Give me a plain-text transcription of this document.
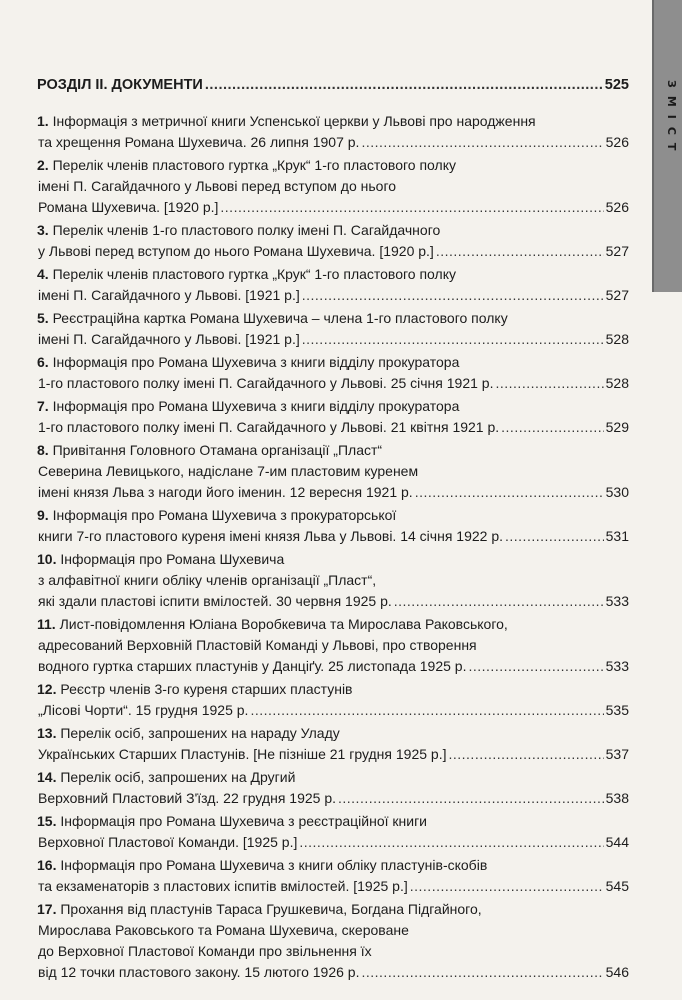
ЗМІСТ
РОЗДІЛ ІІ. ДОКУМЕНТИ .....	525
1. Інформація з метричної книги Успенської церкви у Львові про народження
та хрещення Романа Шухевича. 26 липня 1907 р. .....	526
2. Перелік членів пластового гуртка „Крук“ 1-го пластового полку
імені П. Сагайдачного у Львові перед вступом до нього
Романа Шухевича. [1920 р.] .....	526
3. Перелік членів 1-го пластового полку імені П. Сагайдачного
у Львові перед вступом до нього Романа Шухевича. [1920 р.] .....	527
4. Перелік членів пластового гуртка „Крук“ 1-го пластового полку
імені П. Сагайдачного у Львові. [1921 р.] .....	527
5. Реєстраційна картка Романа Шухевича – члена 1-го пластового полку
імені П. Сагайдачного у Львові. [1921 р.] .....	528
6. Інформація про Романа Шухевича з книги відділу прокуратора
1-го пластового полку імені П. Сагайдачного у Львові. 25 січня 1921 р. .....	528
7. Інформація про Романа Шухевича з книги відділу прокуратора
1-го пластового полку імені П. Сагайдачного у Львові. 21 квітня 1921 р. .....	529
8. Привітання Головного Отамана організації „Пласт“
Северина Левицького, надіслане 7-им пластовим куренем
імені князя Льва з нагоди його іменин. 12 вересня 1921 р. .....	530
9. Інформація про Романа Шухевича з прокураторської
книги 7-го пластового куреня імені князя Льва у Львові. 14 січня 1922 р. .....	531
10. Інформація про Романа Шухевича
з алфавітної книги обліку членів організації „Пласт“,
які здали пластові іспити вмілостей. 30 червня 1925 р. .....	533
11. Лист-повідомлення Юліана Воробкевича та Мирослава Раковського,
адресований Верховній Пластовій Команді у Львові, про створення
водного гуртка старших пластунів у Данціґу. 25 листопада 1925 р. .....	533
12. Реєстр членів 3-го куреня старших пластунів
„Лісові Чорти“. 15 грудня 1925 р. .....	535
13. Перелік осіб, запрошених на нараду Уладу
Українських Старших Пластунів. [Не пізніше 21 грудня 1925 р.] .....	537
14. Перелік осіб, запрошених на Другий
Верховний Пластовий З'їзд. 22 грудня 1925 р. .....	538
15. Інформація про Романа Шухевича з реєстраційної книги
Верховної Пластової Команди. [1925 р.] .....	544
16. Інформація про Романа Шухевича з книги обліку пластунів-скобів
та екзаменаторів з пластових іспитів вмілостей. [1925 р.] .....	545
17. Прохання від пластунів Тараса Грушкевича, Богдана Підгайного,
Мирослава Раковського та Романа Шухевича, скероване
до Верховної Пластової Команди про звільнення їх
від 12 точки пластового закону. 15 лютого 1926 р. .....	546
